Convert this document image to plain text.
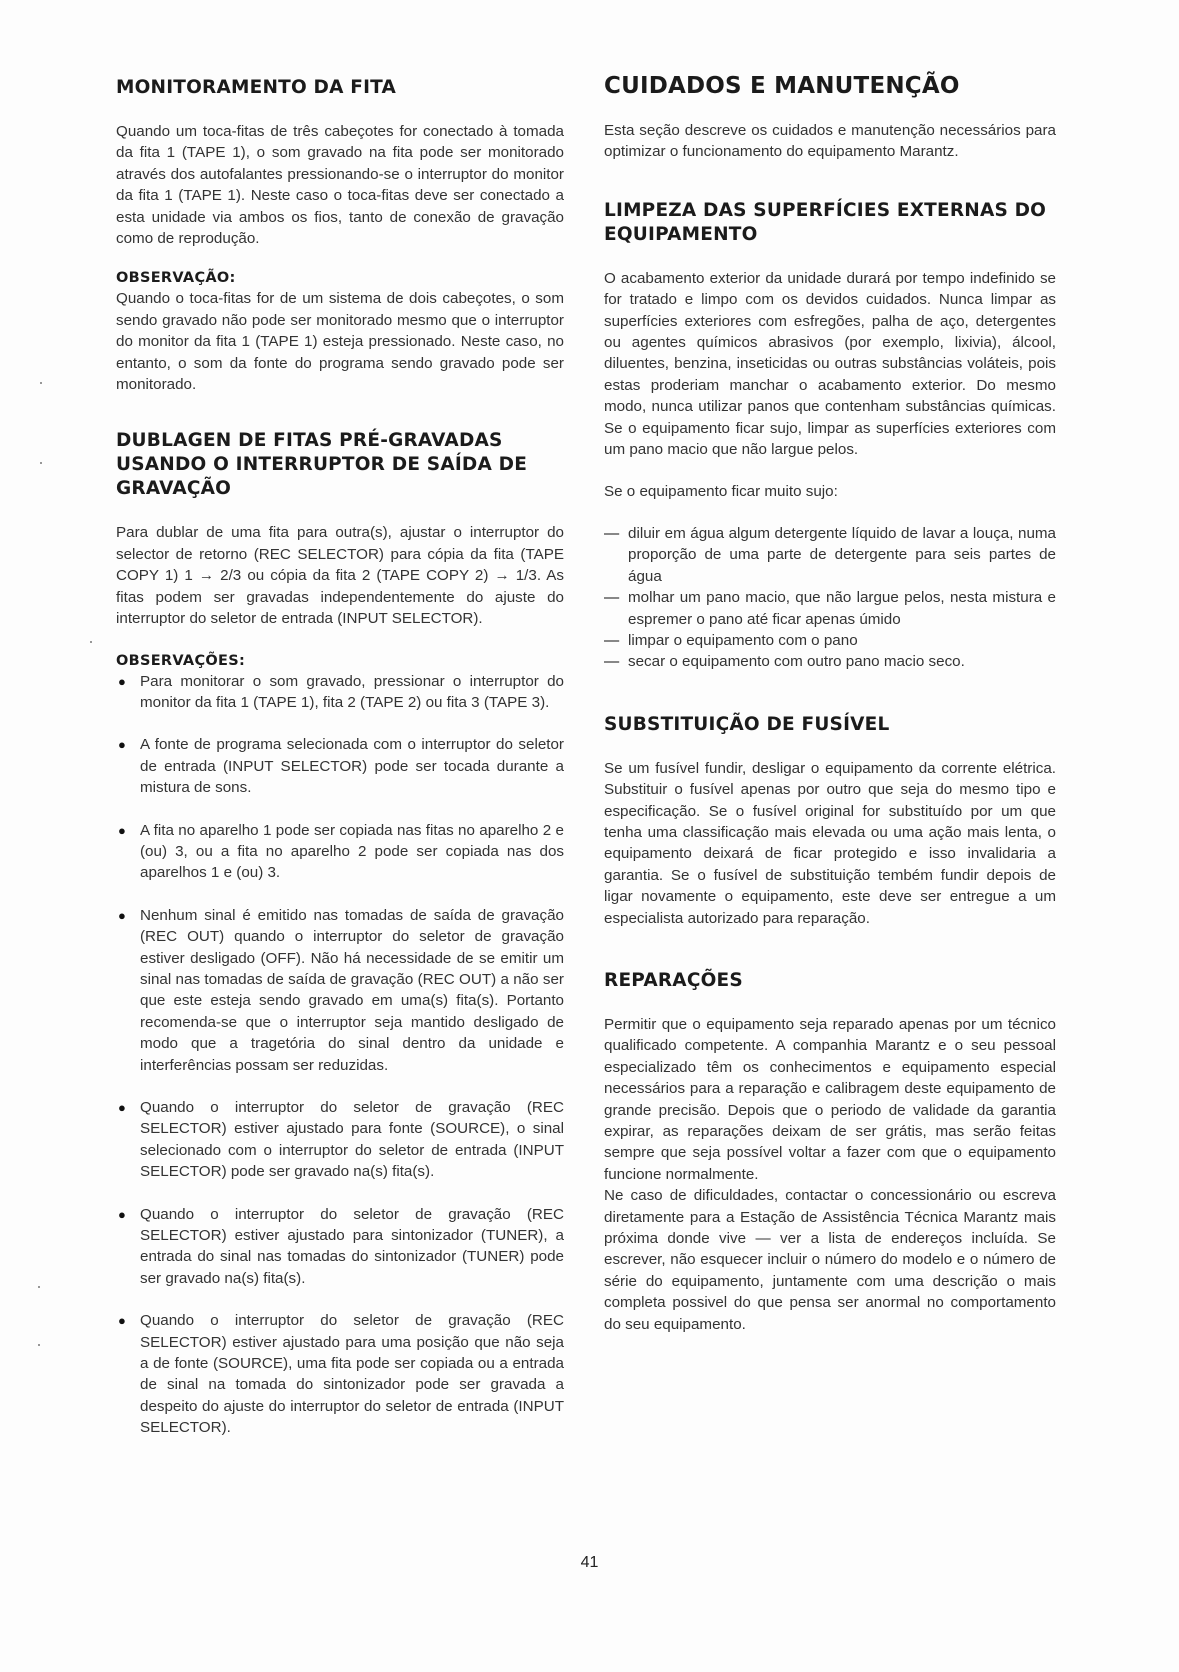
MONITORAMENTO DA FITA

Quando um toca-fitas de três cabeçotes for conectado à tomada da fita 1 (TAPE 1), o som gravado na fita pode ser monitorado através dos autofalantes pressionando-se o interruptor do monitor da fita 1 (TAPE 1). Neste caso o toca-fitas deve ser conectado a esta unidade via ambos os fios, tanto de conexão de gravação como de reprodução.

OBSERVAÇÃO:

Quando o toca-fitas for de um sistema de dois cabeçotes, o som sendo gravado não pode ser monitorado mesmo que o interruptor do monitor da fita 1 (TAPE 1) esteja pressionado. Neste caso, no entanto, o som da fonte do programa sendo gravado pode ser monitorado.

DUBLAGEN DE FITAS PRÉ-GRAVADAS USANDO O INTERRUPTOR DE SAÍDA DE GRAVAÇÃO

Para dublar de uma fita para outra(s), ajustar o interruptor do selector de retorno (REC SELECTOR) para cópia da fita (TAPE COPY 1) 1 → 2/3 ou cópia da fita 2 (TAPE COPY 2) → 1/3. As fitas podem ser gravadas independentemente do ajuste do interruptor do seletor de entrada (INPUT SELECTOR).

OBSERVAÇÕES:
● Para monitorar o som gravado, pressionar o interruptor do monitor da fita 1 (TAPE 1), fita 2 (TAPE 2) ou fita 3 (TAPE 3).
● A fonte de programa selecionada com o interruptor do seletor de entrada (INPUT SELECTOR) pode ser tocada durante a mistura de sons.
● A fita no aparelho 1 pode ser copiada nas fitas no aparelho 2 e (ou) 3, ou a fita no aparelho 2 pode ser copiada nas dos aparelhos 1 e (ou) 3.
● Nenhum sinal é emitido nas tomadas de saída de gravação (REC OUT) quando o interruptor do seletor de gravação estiver desligado (OFF). Não há necessidade de se emitir um sinal nas tomadas de saída de gravação (REC OUT) a não ser que este esteja sendo gravado em uma(s) fita(s). Portanto recomenda-se que o interruptor seja mantido desligado de modo que a tragetória do sinal dentro da unidade e interferências possam ser reduzidas.
● Quando o interruptor do seletor de gravação (REC SELECTOR) estiver ajustado para fonte (SOURCE), o sinal selecionado com o interruptor do seletor de entrada (INPUT SELECTOR) pode ser gravado na(s) fita(s).
● Quando o interruptor do seletor de gravação (REC SELECTOR) estiver ajustado para sintonizador (TUNER), a entrada do sinal nas tomadas do sintonizador (TUNER) pode ser gravado na(s) fita(s).
● Quando o interruptor do seletor de gravação (REC SELECTOR) estiver ajustado para uma posição que não seja a de fonte (SOURCE), uma fita pode ser copiada ou a entrada de sinal na tomada do sintonizador pode ser gravada a despeito do ajuste do interruptor do seletor de entrada (INPUT SELECTOR).
CUIDADOS E MANUTENÇÃO

Esta seção descreve os cuidados e manutenção necessários para optimizar o funcionamento do equipamento Marantz.

LIMPEZA DAS SUPERFÍCIES EXTERNAS DO EQUIPAMENTO

O acabamento exterior da unidade durará por tempo indefinido se for tratado e limpo com os devidos cuidados. Nunca limpar as superfícies exteriores com esfregões, palha de aço, detergentes ou agentes químicos abrasivos (por exemplo, lixivia), álcool, diluentes, benzina, inseticidas ou outras substâncias voláteis, pois estas proderiam manchar o acabamento exterior. Do mesmo modo, nunca utilizar panos que contenham substâncias químicas. Se o equipamento ficar sujo, limpar as superfícies exteriores com um pano macio que não largue pelos.

Se o equipamento ficar muito sujo:

— diluir em água algum detergente líquido de lavar a louça, numa proporção de uma parte de detergente para seis partes de água
— molhar um pano macio, que não largue pelos, nesta mistura e espremer o pano até ficar apenas úmido
— limpar o equipamento com o pano
— secar o equipamento com outro pano macio seco.
SUBSTITUIÇÃO DE FUSÍVEL

Se um fusível fundir, desligar o equipamento da corrente elétrica. Substituir o fusível apenas por outro que seja do mesmo tipo e especificação. Se o fusível original for substituído por um que tenha uma classificação mais elevada ou uma ação mais lenta, o equipamento deixará de ficar protegido e isso invalidaria a garantia. Se o fusível de substituição tembém fundir depois de ligar novamente o equipamento, este deve ser entregue a um especialista autorizado para reparação.

REPARAÇÕES

Permitir que o equipamento seja reparado apenas por um técnico qualificado competente. A companhia Marantz e o seu pessoal especializado têm os conhecimentos e equipamento especial necessários para a reparação e calibragem deste equipamento de grande precisão. Depois que o periodo de validade da garantia expirar, as reparações deixam de ser grátis, mas serão feitas sempre que seja possível voltar a fazer com que o equipamento funcione normalmente.

Ne caso de dificuldades, contactar o concessionário ou escreva diretamente para a Estação de Assistência Técnica Marantz mais próxima donde vive — ver a lista de endereços incluída. Se escrever, não esquecer incluir o número do modelo e o número de série do equipamento, juntamente com uma descrição o mais completa possivel do que pensa ser anormal no comportamento do seu equipamento.

41
